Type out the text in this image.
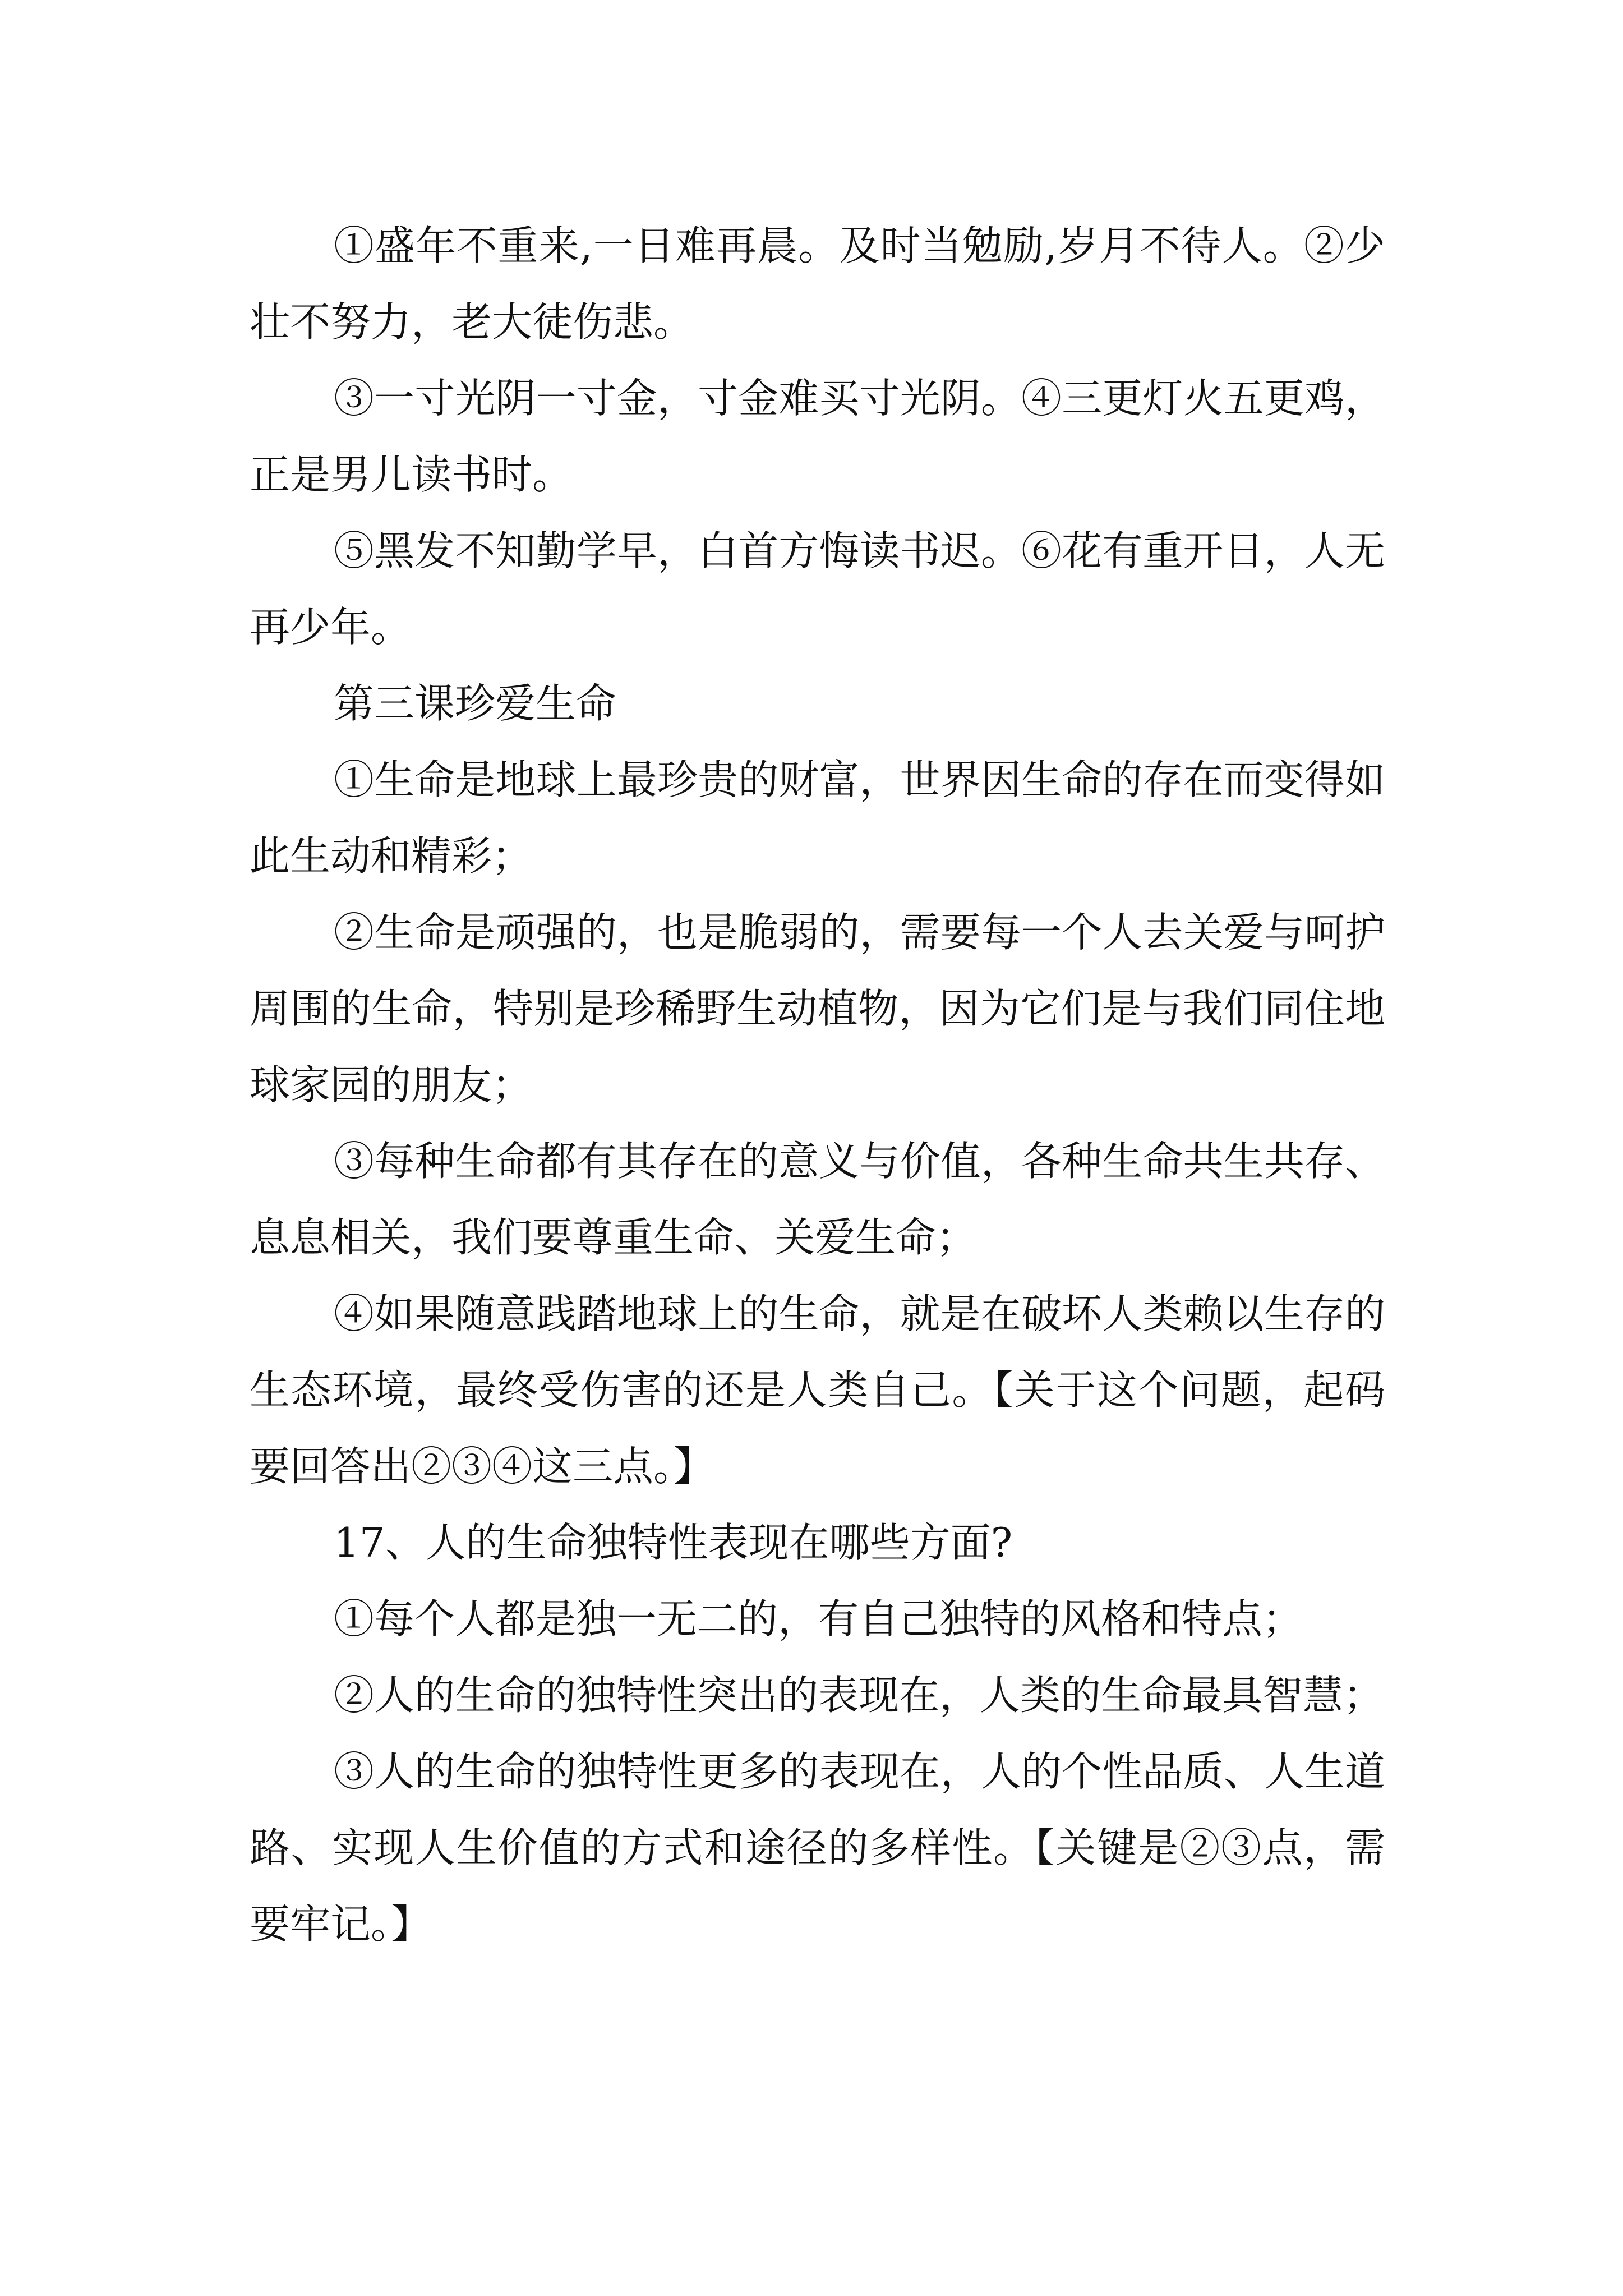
①盛年不重来,一日难再晨。及时当勉励,岁月不待人。②少壮不努力，老大徒伤悲。

③一寸光阴一寸金，寸金难买寸光阴。④三更灯火五更鸡，正是男儿读书时。

⑤黑发不知勤学早，白首方悔读书迟。⑥花有重开日，人无再少年。

第三课珍爱生命

①生命是地球上最珍贵的财富，世界因生命的存在而变得如此生动和精彩；

②生命是顽强的，也是脆弱的，需要每一个人去关爱与呵护周围的生命，特别是珍稀野生动植物，因为它们是与我们同住地球家园的朋友；

③每种生命都有其存在的意义与价值，各种生命共生共存、息息相关，我们要尊重生命、关爱生命；

④如果随意践踏地球上的生命，就是在破坏人类赖以生存的生态环境，最终受伤害的还是人类自己。【关于这个问题，起码要回答出②③④这三点。】

17、人的生命独特性表现在哪些方面?

①每个人都是独一无二的，有自己独特的风格和特点；

②人的生命的独特性突出的表现在，人类的生命最具智慧；

③人的生命的独特性更多的表现在，人的个性品质、人生道路、实现人生价值的方式和途径的多样性。【关键是②③点，需要牢记。】
